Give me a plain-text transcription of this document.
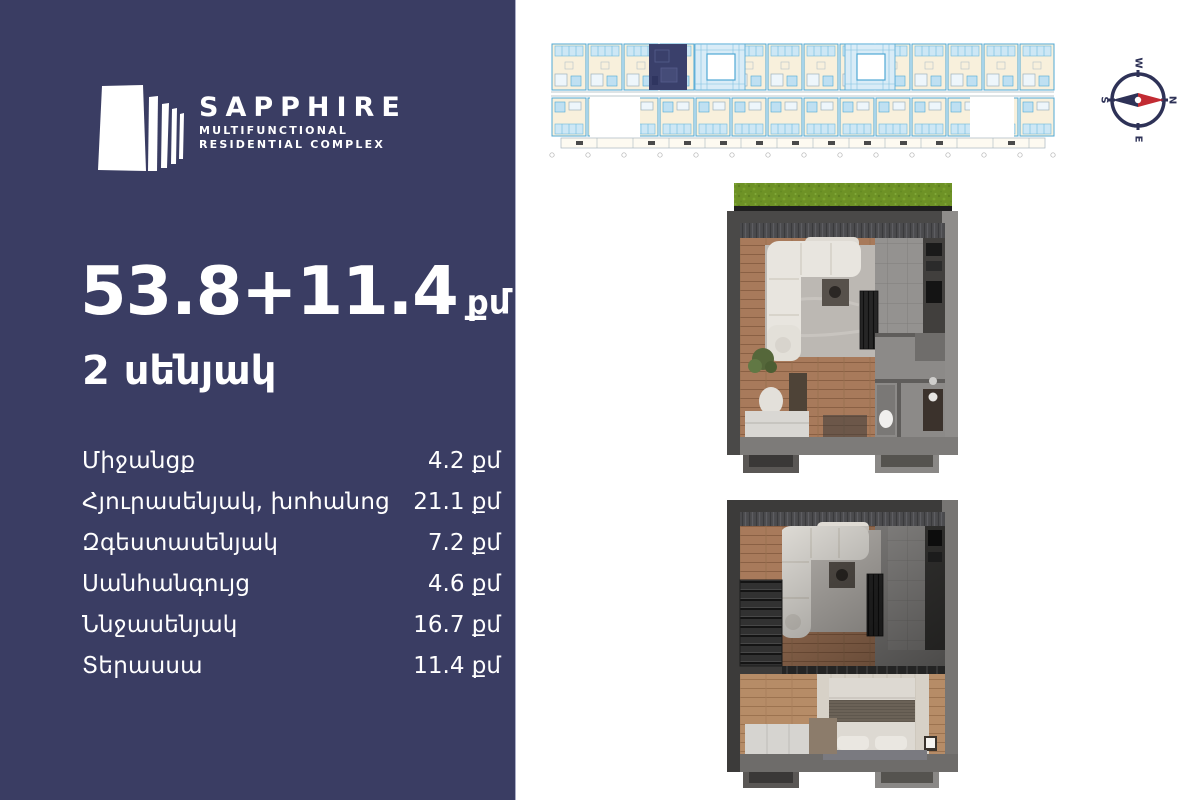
SAPPHIRE
MULTIFUNCTIONAL
RESIDENTIAL COMPLEX
53.8+11.4 քմ
2 սենյակ
Միջանցք	4.2 քմ
Հյուրասենյակ, խոհանոց 21.1 քմ
Զգեստասենյակ	7.2 քմ
Սանհանգույց	4.6 քմ
Ննջասենյակ	16.7 քմ
Տերասսա	11.4 քմ
W
N
E
S
